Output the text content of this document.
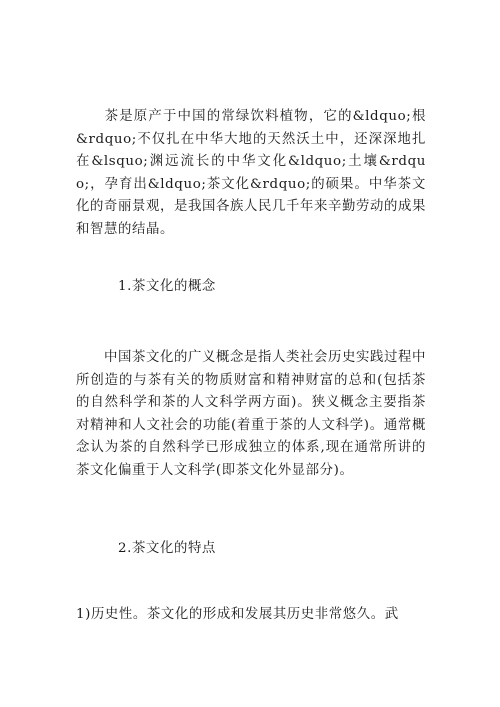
茶是原产于中国的常绿饮料植物，它的&ldquo;根&rdquo;不仅扎在中华大地的天然沃土中，还深深地扎在&lsquo;渊远流长的中华文化&ldquo;土壤&rdquo;，孕育出&ldquo;茶文化&rdquo;的硕果。中华茶文化的奇丽景观，是我国各族人民几千年来辛勤劳动的成果和智慧的结晶。

1.茶文化的概念

中国茶文化的广义概念是指人类社会历史实践过程中所创造的与茶有关的物质财富和精神财富的总和(包括茶的自然科学和茶的人文科学两方面)。狭义概念主要指茶对精神和人文社会的功能(着重于茶的人文科学)。通常概念认为茶的自然科学已形成独立的体系,现在通常所讲的茶文化偏重于人文科学(即茶文化外显部分)。

2.茶文化的特点

1)历史性。茶文化的形成和发展其历史非常悠久。武
